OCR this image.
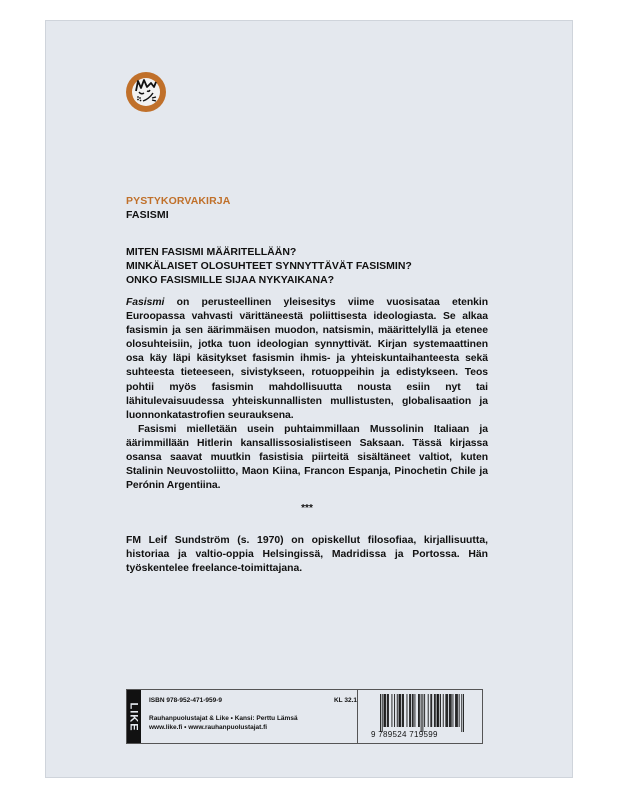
PYSTYKORVAKIRJA
FASISMI
MITEN FASISMI MÄÄRITELLÄÄN?
MINKÄLAISET OLOSUHTEET SYNNYTTÄVÄT FASISMIN?
ONKO FASISMILLE SIJAA NYKYAIKANA?

Fasismi on perusteellinen yleisesitys viime vuosisataa etenkin Euroopassa vahvasti värittäneestä poliittisesta ideologiasta. Se alkaa fasismin ja sen äärimmäisen muodon, natsismin, määrittelyllä ja etenee olosuhteisiin, jotka tuon ideologian synnyttivät. Kirjan systemaattinen osa käy läpi käsitykset fasismin ihmis- ja yhteiskuntaihanteesta sekä suhteesta tieteeseen, sivistykseen, rotuoppeihin ja edistykseen. Teos pohtii myös fasismin mahdollisuutta nousta esiin nyt tai lähitulevaisuudessa yhteiskunnallisten mullistusten, globalisaation ja luonnonkatastrofien seurauksena.

Fasismi mielletään usein puhtaimmillaan Mussolinin Italiaan ja äärimmillään Hitlerin kansallissosialistiseen Saksaan. Tässä kirjassa osansa saavat muutkin fasistisia piirteitä sisältäneet valtiot, kuten Stalinin Neuvostoliitto, Maon Kiina, Francon Espanja, Pinochetin Chile ja Perónin Argentiina.

***
FM Leif Sundström (s. 1970) on opiskellut filosofiaa, kirjallisuutta, historiaa ja valtio-oppia Helsingissä, Madridissa ja Portossa. Hän työskentelee freelance-toimittajana.
LIKE
ISBN 978-952-471-959-9	KL 32.1
Rauhanpuolustajat & Like • Kansi: Perttu Lämsä
www.like.fi • www.rauhanpuolustajat.fi
9 789524 719599
